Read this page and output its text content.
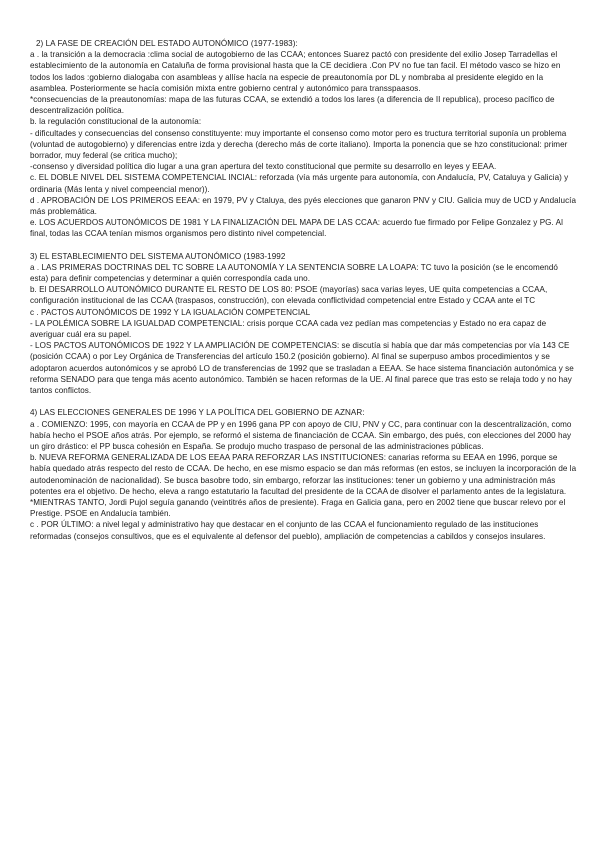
2) LA FASE DE CREACIÓN DEL ESTADO AUTONÓMICO (1977-1983):

a . la transición a la democracia :clima social de autogobierno de las CCAA; entonces Suarez pactó con presidente del exilio Josep Tarradellas el establecimiento de la autonomía en Cataluña de forma provisional hasta que la CE decidiera .Con PV no fue tan facil. El método vasco se hizo en todos los lados :gobierno dialogaba con asambleas y allíse hacía na especie de preautonomía por DL y nombraba al presidente elegido en la asamblea. Posteriormente se hacía comisión mixta entre gobierno central y autonómico para transspaasos.

*consecuencias de la preautonomías: mapa de las futuras CCAA, se extendió a todos los lares (a diferencia de II republica), proceso pacífico de descentralización política.

b. la regulación constitucional de la autonomía:

- dificultades y consecuencias del consenso constituyente: muy importante el consenso como motor pero es tructura territorial suponía un problema (voluntad de autogobierno) y diferencias entre izda y derecha (derecho más de corte italiano). Importa la ponencia que se hzo constitucional: primer borrador, muy federal (se critica mucho);

-consenso y diversidad política dio lugar a una gran apertura del texto constitucional que permite su desarrollo en leyes y EEAA.

c. EL DOBLE NIVEL DEL SISTEMA COMPETENCIAL INCIAL: reforzada (vía más urgente para autonomía, con Andalucía, PV, Cataluya y Galicia) y ordinaria (Más lenta y nivel compeencial menor)).

d . APROBACIÓN DE LOS PRIMEROS EEAA: en 1979, PV y Ctaluya, des pyés elecciones que ganaron PNV y CIU. Galicia muy de UCD y Andalucía más problemática.

e. LOS ACUERDOS AUTONÓMICOS DE 1981 Y LA FINALIZACIÓN DEL MAPA DE LAS CCAA: acuerdo fue firmado por Felipe Gonzalez y PG. Al final, todas las CCAA tenían mismos organismos pero distinto nivel competencial.

3) EL ESTABLECIMIENTO DEL SISTEMA AUTONÓMICO (1983-1992

a . LAS PRIMERAS DOCTRINAS DEL TC SOBRE LA AUTONOMÍA Y LA SENTENCIA SOBRE LA LOAPA: TC tuvo la posición (se le encomendó esta) para definir competencias y determinar a quién correspondía cada uno.

b. El DESARROLLO AUTONÓMICO DURANTE EL RESTO DE LOS 80: PSOE (mayorías) saca varias leyes, UE quita competencias a CCAA, configuración institucional de las CCAA (traspasos, construcción), con elevada conflictividad competencial entre Estado y CCAA ante el TC

c . PACTOS AUTONÓMICOS DE 1992 Y LA IGUALACIÓN COMPETENCIAL

- LA POLÉMICA SOBRE LA IGUALDAD COMPETENCIAL: crisis porque CCAA cada vez pedían mas competencias y Estado no era capaz de averiguar cuál era su papel.

- LOS PACTOS AUTONÓMICOS DE 1922 Y LA AMPLIACIÓN DE COMPETENCIAS: se discutía si había que dar más competencias por vía 143 CE (posición CCAA) o por Ley Orgánica de Transferencias del artículo 150.2 (posición gobierno). Al final se superpuso ambos procedimientos y se adoptaron acuerdos autonómicos y se aprobó LO de transferencias de 1992 que se trasladan a EEAA. Se hace sistema financiación autonómica y se reforma SENADO para que tenga más acento autonómico. También se hacen reformas de la UE. Al final parece que tras esto se relaja todo y no hay tantos conflictos.

4) LAS ELECCIONES GENERALES DE 1996 Y LA POLÍTICA DEL GOBIERNO DE AZNAR:

a . COMIENZO: 1995, con mayoría en CCAA de PP y en 1996 gana PP con apoyo de CIU, PNV y CC, para continuar con la descentralización, como había hecho el PSOE años atrás. Por ejemplo, se reformó el sistema de financiación de CCAA. Sin embargo, des pués, con elecciones del 2000 hay un giro drástico: el PP busca cohesión en España. Se produjo mucho traspaso de personal de las administraciones públicas.

b. NUEVA REFORMA GENERALIZADA DE LOS EEAA PARA REFORZAR LAS INSTITUCIONES: canarias reforma su EEAA en 1996, porque se había quedado atrás respecto del resto de CCAA. De hecho, en ese mismo espacio se dan más reformas (en estos, se incluyen la incorporación de la autodenominación de nacionalidad). Se busca basobre todo, sin embargo, reforzar las instituciones: tener un gobierno y una administración más potentes era el objetivo. De hecho, eleva a rango estatutario la facultad del presidente de la CCAA de disolver el parlamento antes de la legislatura.

*MIENTRAS TANTO, Jordi Pujol seguía ganando (veintitrés años de presiente). Fraga en Galicia gana, pero en 2002 tiene que buscar relevo por el Prestige. PSOE en Andalucía también.

c . POR ÚLTIMO: a nivel legal y administrativo hay que destacar en el conjunto de las CCAA el funcionamiento regulado de las instituciones reformadas (consejos consultivos, que es el equivalente al defensor del pueblo), ampliación de competencias a cabildos y consejos insulares.
